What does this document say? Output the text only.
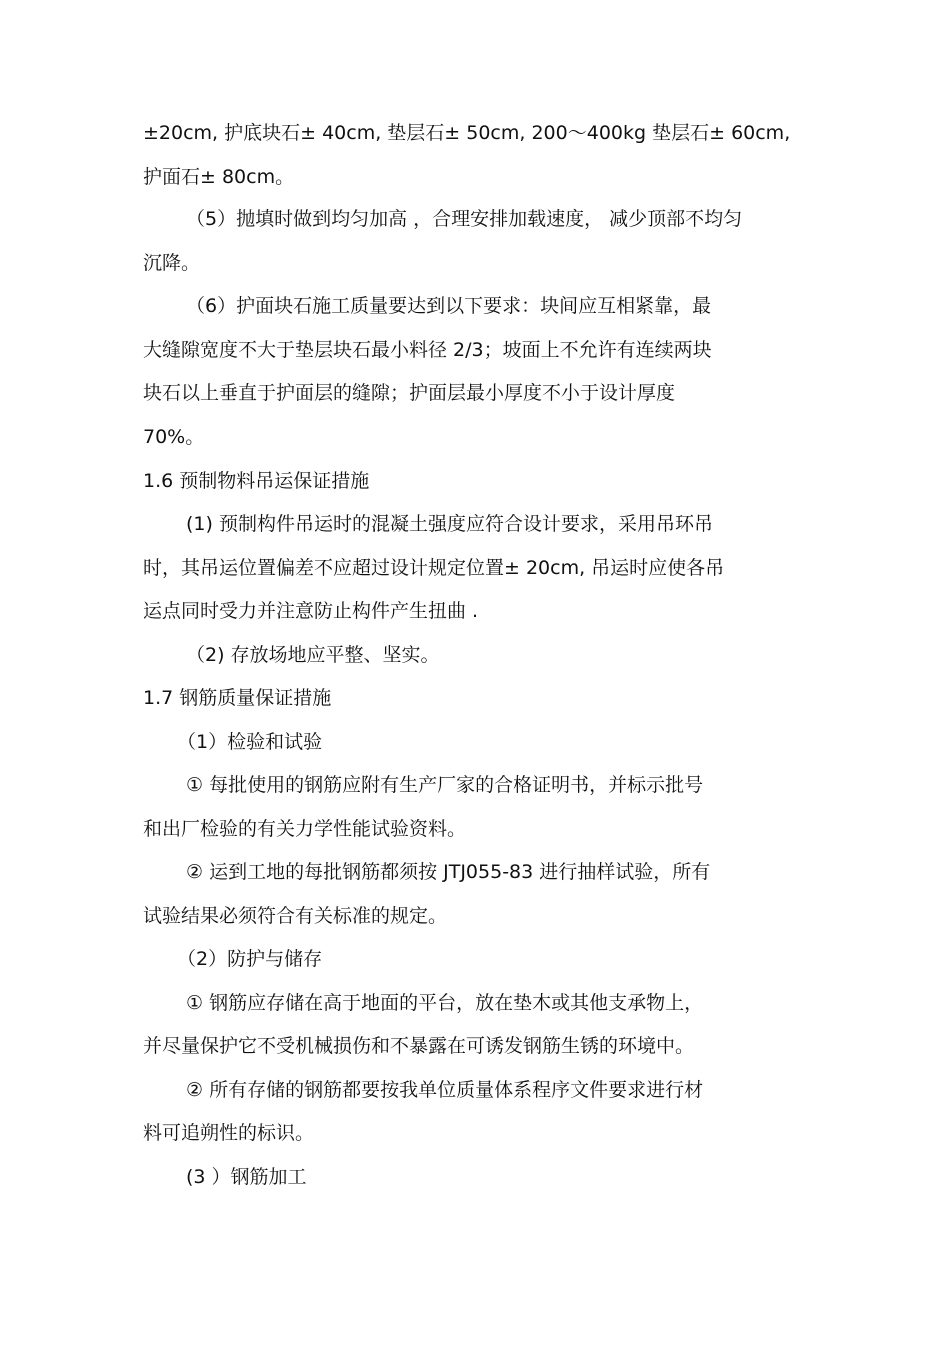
±20cm, 护底块石± 40cm, 垫层石± 50cm, 200～400kg 垫层石± 60cm,
护面石± 80cm。
（5）抛填时做到均匀加高 ，合理安排加载速度， 减少顶部不均匀
沉降。
（6）护面块石施工质量要达到以下要求：块间应互相紧靠，最
大缝隙宽度不大于垫层块石最小料径 2/3；坡面上不允许有连续两块
块石以上垂直于护面层的缝隙；护面层最小厚度不小于设计厚度
70%。
1.6 预制物料吊运保证措施
(1) 预制构件吊运时的混凝土强度应符合设计要求，采用吊环吊
时，其吊运位置偏差不应超过设计规定位置± 20cm, 吊运时应使各吊
运点同时受力并注意防止构件产生扭曲 .
（2) 存放场地应平整、坚实。
1.7 钢筋质量保证措施
（1）检验和试验
① 每批使用的钢筋应附有生产厂家的合格证明书，并标示批号
和出厂检验的有关力学性能试验资料。
② 运到工地的每批钢筋都须按 JTJ055-83 进行抽样试验，所有
试验结果必须符合有关标准的规定。
（2）防护与储存
① 钢筋应存储在高于地面的平台，放在垫木或其他支承物上，
并尽量保护它不受机械损伤和不暴露在可诱发钢筋生锈的环境中。
② 所有存储的钢筋都要按我单位质量体系程序文件要求进行材
料可追朔性的标识。
(3 ）钢筋加工
